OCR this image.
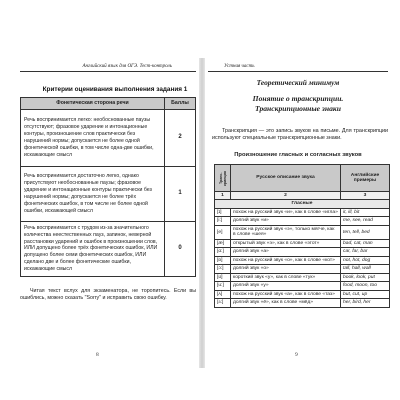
Английский язык для ОГЭ. Тест-контроль
Критерии оценивания выполнения задания 1
Фонетическая сторона речи	Баллы
Речь воспринимается легко: необоснованные паузы отсутствуют; фразовое ударение и интонационные контуры, произношение слов практически без нарушений нормы; допускается не более одной фонетической ошибки, в том числе одна-две ошибки, искажающие смысл	2
Речь воспринимается достаточно легко, однако присутствуют необоснованные паузы; фразовое ударение и интонационные контуры практически без нарушений нормы; допускается не более трёх фонетических ошибок, в том числе не более одной ошибки, искажающей смысл	1
Речь воспринимается с трудом из-за значительного количества неестественных пауз, запинок, неверной расстановки ударений и ошибок в произношении слов, ИЛИ допущено более трёх фонетических ошибок, ИЛИ допущено более семи фонетических ошибок, ИЛИ сделано две и более фонетические ошибки, искажающие смысл	0
Читая текст вслух для экзаменатора, не торопитесь. Если вы ошиблись, можно сказать "Sorry" и исправить свою ошибку.
8
Устная часть
Теоретический минимум
Понятие о транскрипции.
Транскрипционные знаки
Транскрипция — это запись звуков на письме. Для транскрипции используют специальные транскрипционные знаки.
Произношение гласных и согласных звуков
Транс-крипция	Русское описание звука	Английские примеры
1	2	3
Гласные		
[ɪ]	похож на русский звук «и», как в слове «игла»	it, ill, bit
[i:]	долгий звук «и»	me, see, read
[e]	похож на русский звук «э», только мягче, как в слове «шея»	ten, tell, bed
[æ]	открытый звук «э», как в слове «этот»	bad, cat, man
[ɑ:]	долгий звук «а»	car, far, bar
[ɒ]	похож на русский звук «о», как в слове «кот»	not, hot, dog
[ɔ:]	долгий звук «о»	tall, hall, wall
[ʊ]	короткий звук «у», как в слове «тук»	book, look, put
[u:]	долгий звук «у»	food, moon, too
[ʌ]	похож на русский звук «а», как в слове «таз»	but, cut, up
[ɜ:]	долгий звук «ё», как в слове «мёд»	her, bird, her
9
